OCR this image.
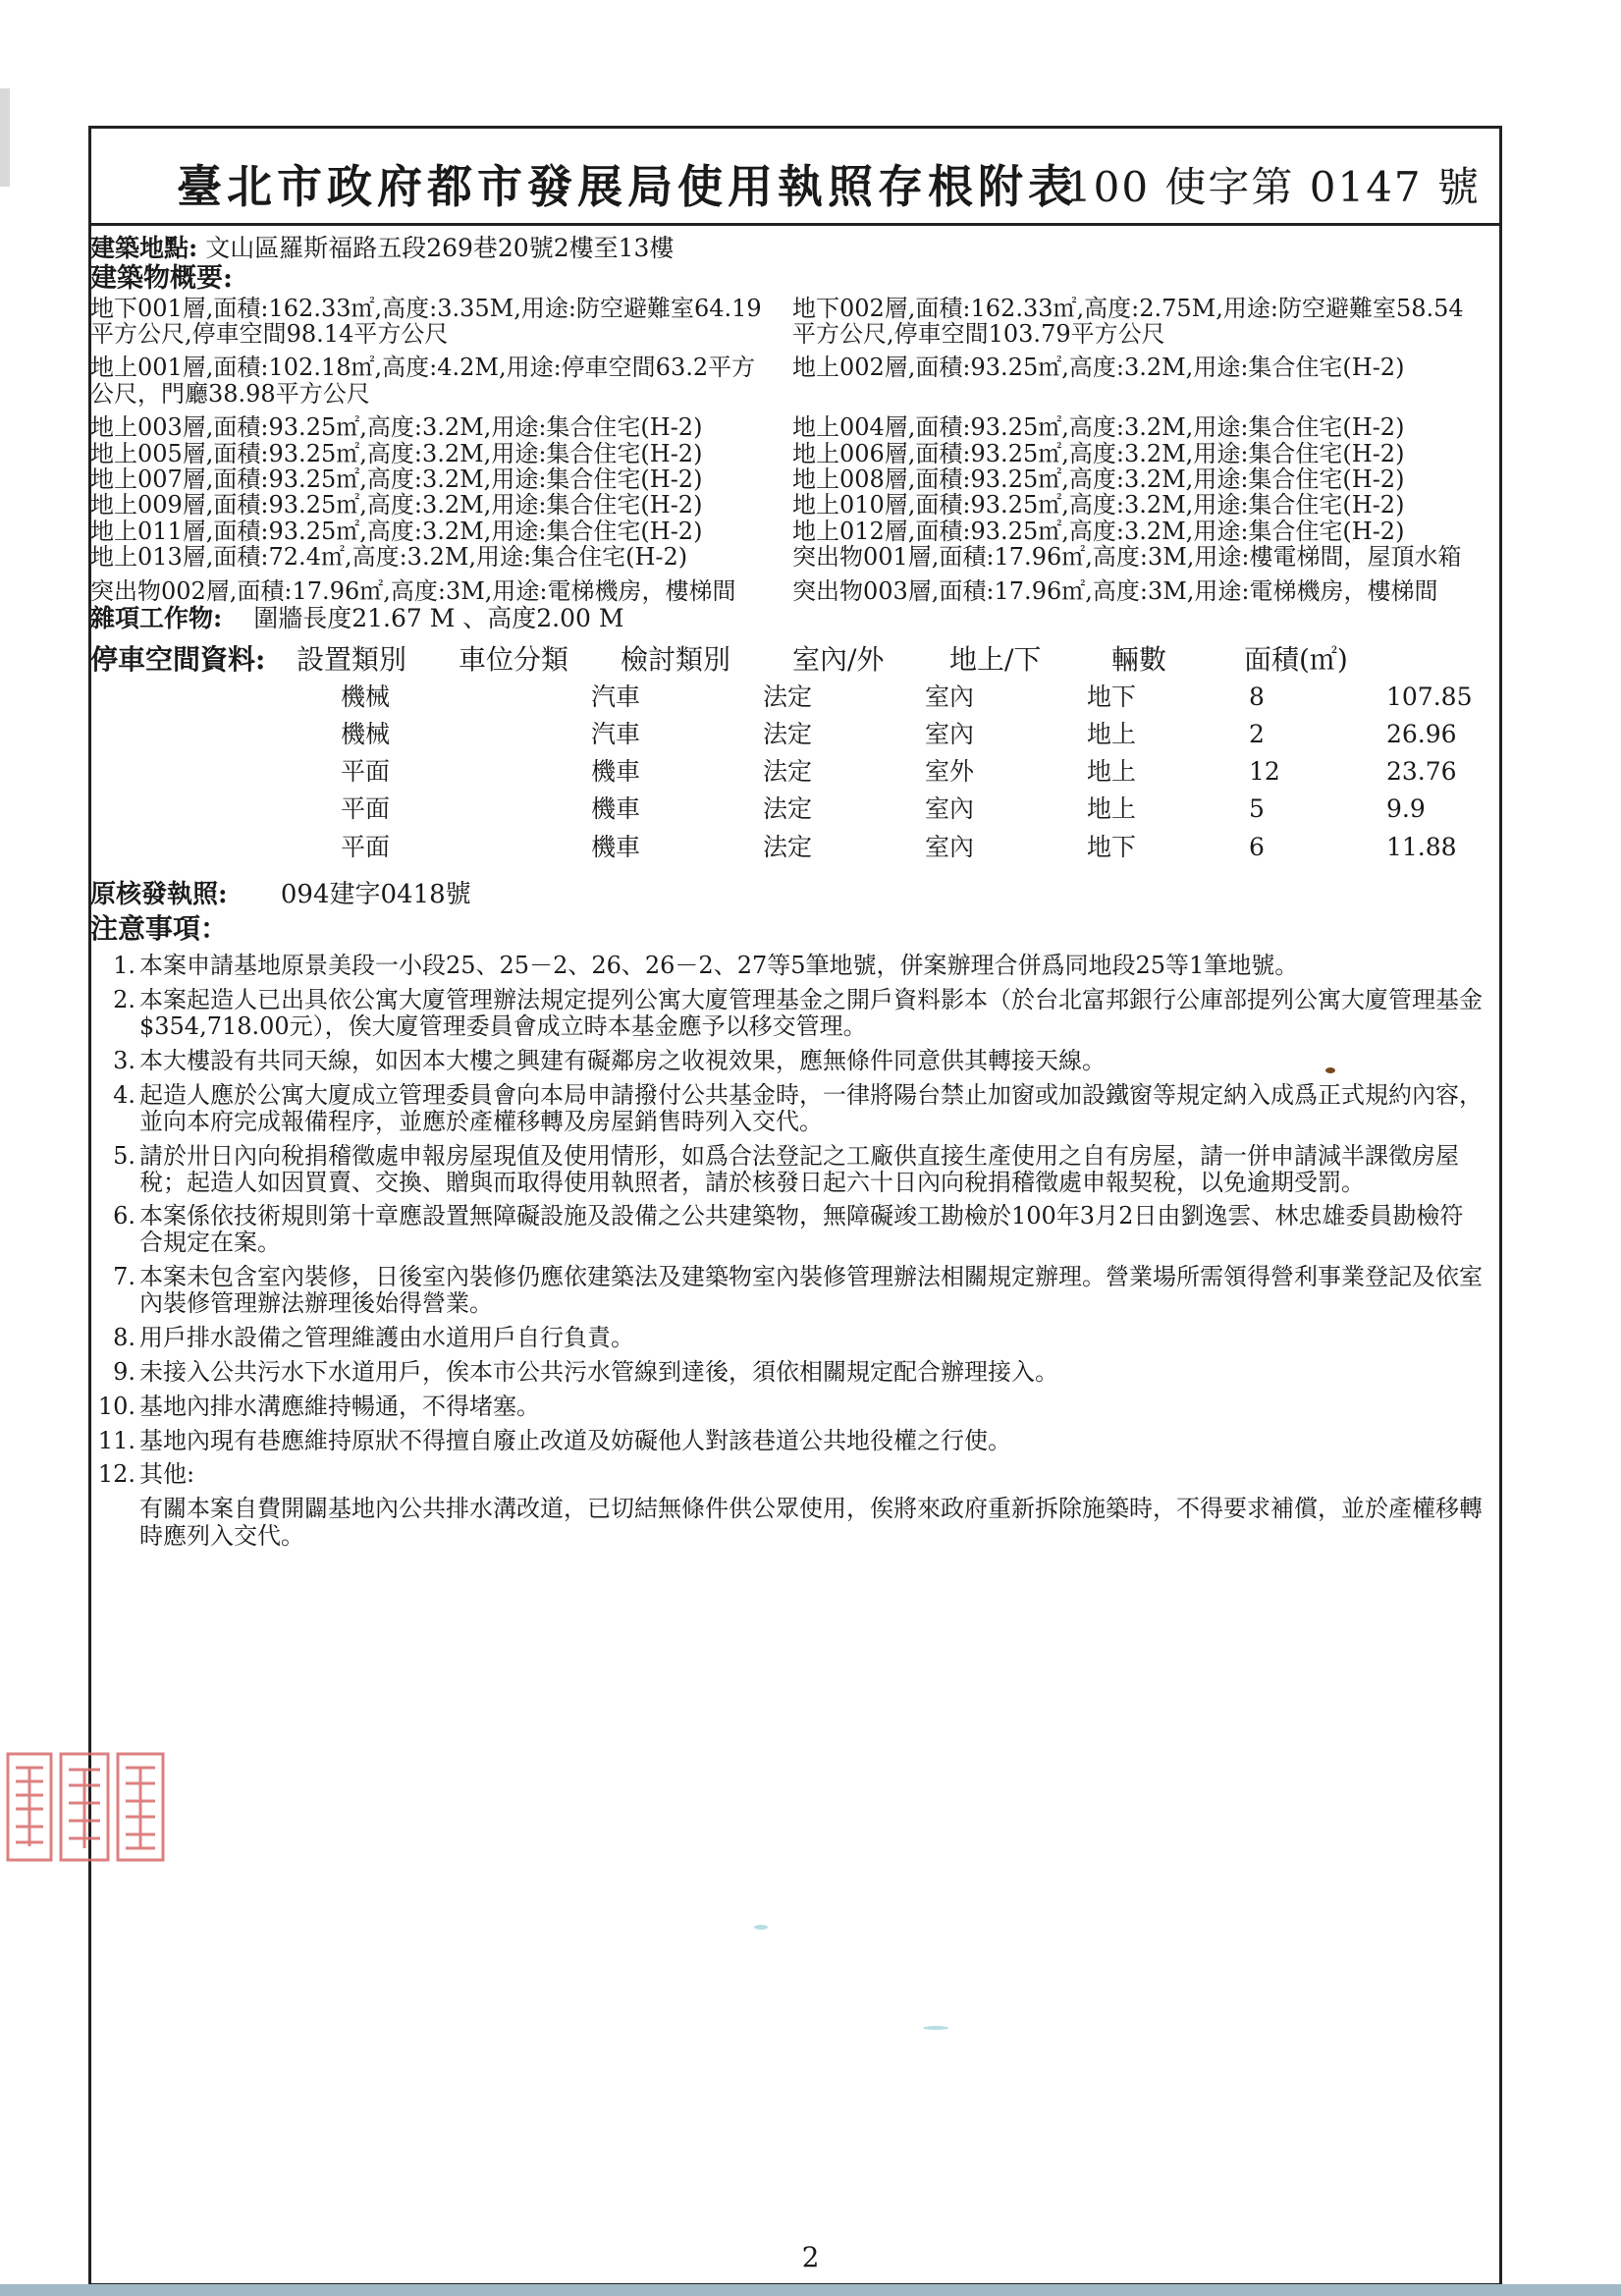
臺北市政府都市發展局使用執照存根附表
100 使字第 0147 號
建築地點: 文山區羅斯福路五段269巷20號2樓至13樓
建築物概要:
地下001層,面積:162.33㎡,高度:3.35M,用途:防空避難室64.19平方公尺,停車空間98.14平方公尺
地下002層,面積:162.33㎡,高度:2.75M,用途:防空避難室58.54平方公尺,停車空間103.79平方公尺
地上001層,面積:102.18㎡,高度:4.2M,用途:停車空間63.2平方公尺，門廳38.98平方公尺
地上002層,面積:93.25㎡,高度:3.2M,用途:集合住宅(H-2)
地上003層,面積:93.25㎡,高度:3.2M,用途:集合住宅(H-2)	地上004層,面積:93.25㎡,高度:3.2M,用途:集合住宅(H-2)
地上005層,面積:93.25㎡,高度:3.2M,用途:集合住宅(H-2)	地上006層,面積:93.25㎡,高度:3.2M,用途:集合住宅(H-2)
地上007層,面積:93.25㎡,高度:3.2M,用途:集合住宅(H-2)	地上008層,面積:93.25㎡,高度:3.2M,用途:集合住宅(H-2)
地上009層,面積:93.25㎡,高度:3.2M,用途:集合住宅(H-2)	地上010層,面積:93.25㎡,高度:3.2M,用途:集合住宅(H-2)
地上011層,面積:93.25㎡,高度:3.2M,用途:集合住宅(H-2)	地上012層,面積:93.25㎡,高度:3.2M,用途:集合住宅(H-2)
地上013層,面積:72.4㎡,高度:3.2M,用途:集合住宅(H-2)	突出物001層,面積:17.96㎡,高度:3M,用途:樓電梯間，屋頂水箱
突出物002層,面積:17.96㎡,高度:3M,用途:電梯機房，樓梯間	突出物003層,面積:17.96㎡,高度:3M,用途:電梯機房，樓梯間
雜項工作物: 圍牆長度21.67 M 、高度2.00 M
停車空間資料:	設置類別	車位分類	檢討類別	室內/外	地上/下	輛數	面積(㎡)
機械	汽車	法定	室內	地下	8	107.85
機械	汽車	法定	室內	地上	2	26.96
平面	機車	法定	室外	地上	12	23.76
平面	機車	法定	室內	地上	5	9.9
平面	機車	法定	室內	地下	6	11.88
原核發執照: 094建字0418號
注意事項：
1. 本案申請基地原景美段一小段25、25－2、26、26－2、27等5筆地號，併案辦理合併爲同地段25等1筆地號。
2. 本案起造人已出具依公寓大廈管理辦法規定提列公寓大廈管理基金之開戶資料影本（於台北富邦銀行公庫部提列公寓大廈管理基金$354,718.00元），俟大廈管理委員會成立時本基金應予以移交管理。
3. 本大樓設有共同天線，如因本大樓之興建有礙鄰房之收視效果，應無條件同意供其轉接天線。
4. 起造人應於公寓大廈成立管理委員會向本局申請撥付公共基金時，一律將陽台禁止加窗或加設鐵窗等規定納入成爲正式規約內容，並向本府完成報備程序，並應於產權移轉及房屋銷售時列入交代。
5. 請於卅日內向稅捐稽徵處申報房屋現值及使用情形，如爲合法登記之工廠供直接生產使用之自有房屋，請一併申請減半課徵房屋稅；起造人如因買賣、交換、贈與而取得使用執照者，請於核發日起六十日內向稅捐稽徵處申報契稅，以免逾期受罰。
6. 本案係依技術規則第十章應設置無障礙設施及設備之公共建築物，無障礙竣工勘檢於100年3月2日由劉逸雲、林忠雄委員勘檢符合規定在案。
7. 本案未包含室內裝修，日後室內裝修仍應依建築法及建築物室內裝修管理辦法相關規定辦理。營業場所需領得營利事業登記及依室內裝修管理辦法辦理後始得營業。
8. 用戶排水設備之管理維護由水道用戶自行負責。
9. 未接入公共污水下水道用戶，俟本市公共污水管線到達後，須依相關規定配合辦理接入。
10. 基地內排水溝應維持暢通，不得堵塞。
11. 基地內現有巷應維持原狀不得擅自廢止改道及妨礙他人對該巷道公共地役權之行使。
12. 其他:
有關本案自費開闢基地內公共排水溝改道，已切結無條件供公眾使用，俟將來政府重新拆除施築時，不得要求補償，並於產權移轉時應列入交代。
2
